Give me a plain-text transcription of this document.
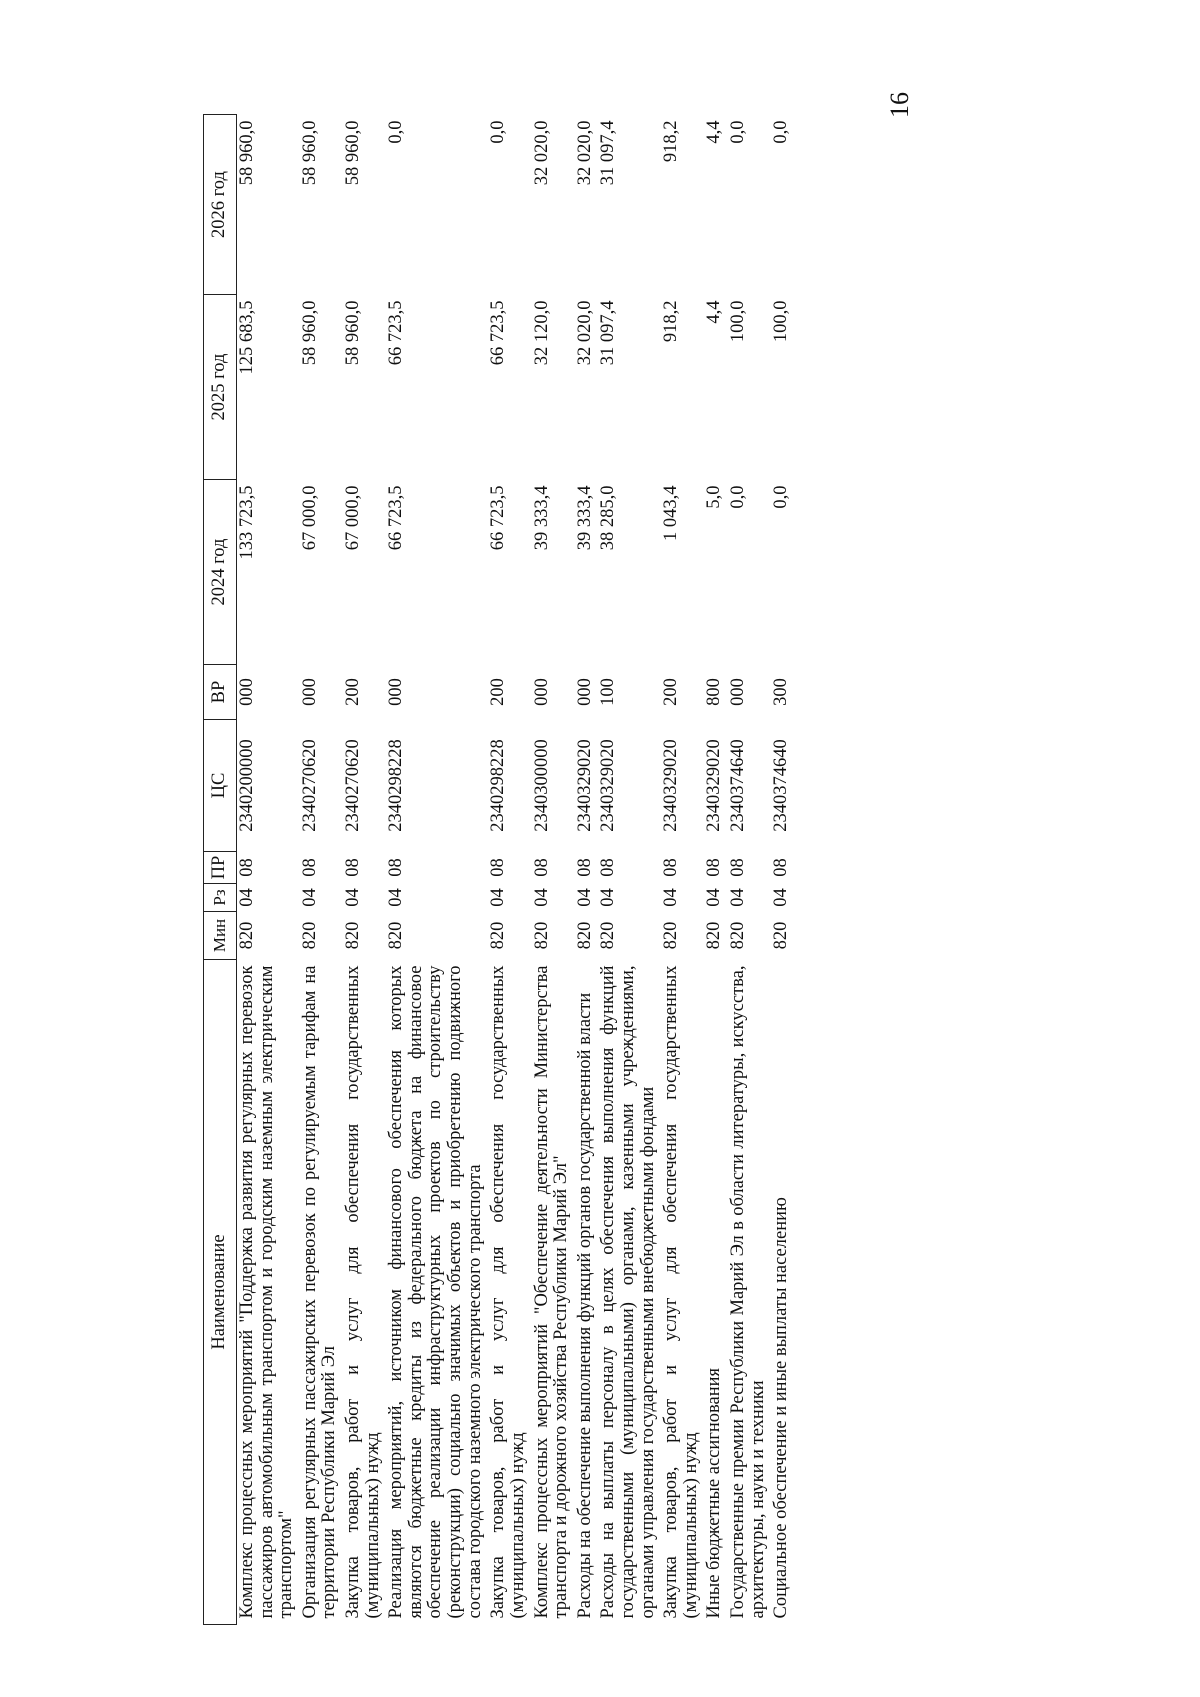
16
Наименование	Мин	Рз	ПР	ЦС	ВР	2024 год	2025 год	2026 год
Комплекс процессных мероприятий "Поддержка развития регулярных перевозок пассажиров автомобильным транспортом и городским наземным электрическим транспортом"	820	04	08	2340200000	000	133 723,5	125 683,5	58 960,0
Организация регулярных пассажирских перевозок по регулируемым тарифам на территории Республики Марий Эл	820	04	08	2340270620	000	67 000,0	58 960,0	58 960,0
Закупка товаров, работ и услуг для обеспечения государственных (муниципальных) нужд	820	04	08	2340270620	200	67 000,0	58 960,0	58 960,0
Реализация мероприятий, источником финансового обеспечения которых являются бюджетные кредиты из федерального бюджета на финансовое обеспечение реализации инфраструктурных проектов по строительству (реконструкции) социально значимых объектов и приобретению подвижного состава городского наземного электрического транспорта	820	04	08	2340298228	000	66 723,5	66 723,5	0,0
Закупка товаров, работ и услуг для обеспечения государственных (муниципальных) нужд	820	04	08	2340298228	200	66 723,5	66 723,5	0,0
Комплекс процессных мероприятий "Обеспечение деятельности Министерства транспорта и дорожного хозяйства Республики Марий Эл"	820	04	08	2340300000	000	39 333,4	32 120,0	32 020,0
Расходы на обеспечение выполнения функций органов государственной власти	820	04	08	2340329020	000	39 333,4	32 020,0	32 020,0
Расходы на выплаты персоналу в целях обеспечения выполнения функций государственными (муниципальными) органами, казенными учреждениями, органами управления государственными внебюджетными фондами	820	04	08	2340329020	100	38 285,0	31 097,4	31 097,4
Закупка товаров, работ и услуг для обеспечения государственных (муниципальных) нужд	820	04	08	2340329020	200	1 043,4	918,2	918,2
Иные бюджетные ассигнования	820	04	08	2340329020	800	5,0	4,4	4,4
Государственные премии Республики Марий Эл в области литературы, искусства, архитектуры, науки и техники	820	04	08	2340374640	000	0,0	100,0	0,0
Социальное обеспечение и иные выплаты населению	820	04	08	2340374640	300	0,0	100,0	0,0
